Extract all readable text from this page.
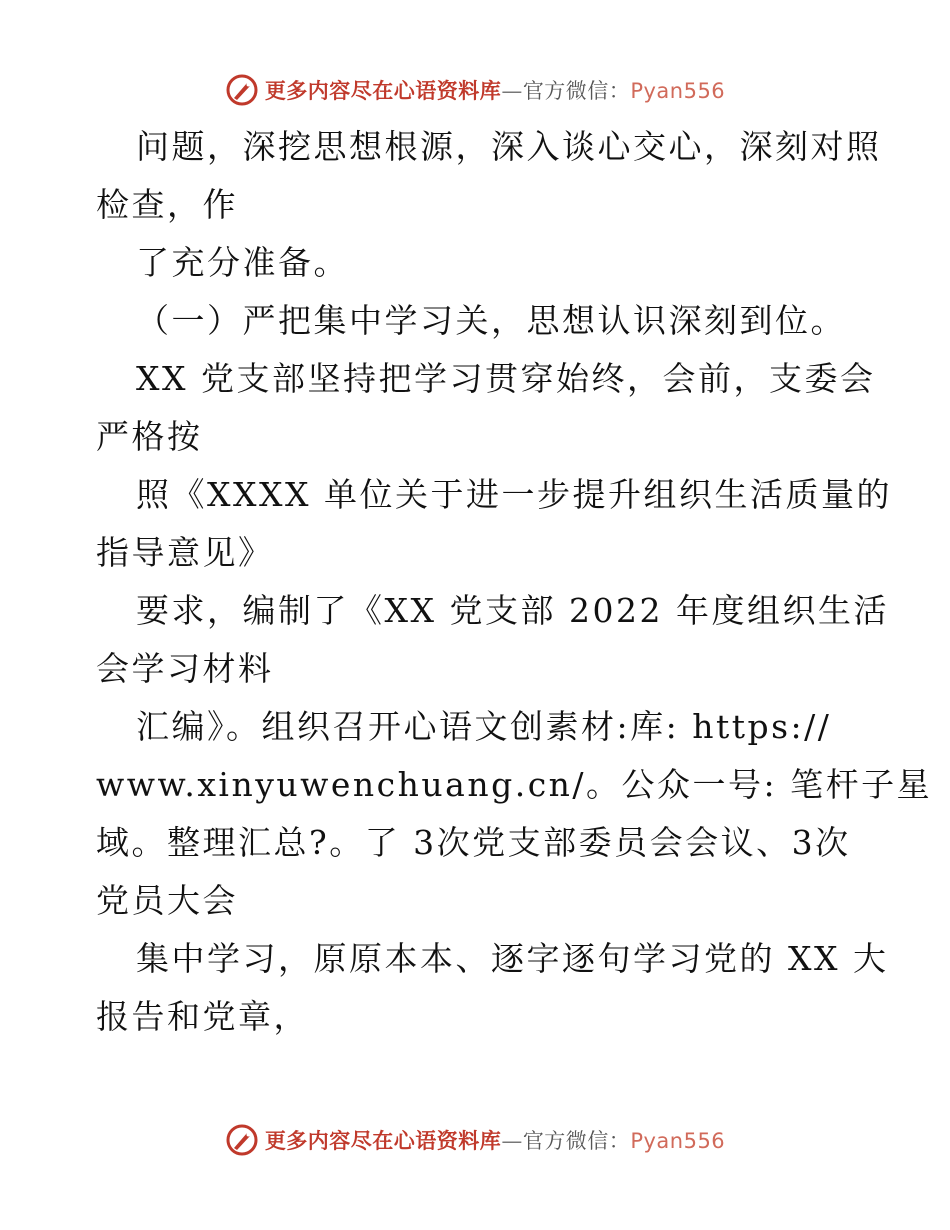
更多内容尽在心语资料库—官方微信：Pyan556
问题，深挖思想根源，深入谈心交心，深刻对照
检查，作
了充分准备。
（一）严把集中学习关，思想认识深刻到位。
XX 党支部坚持把学习贯穿始终，会前，支委会
严格按
照《XXXX 单位关于进一步提升组织生活质量的
指导意见》
要求，编制了《XX 党支部 2022 年度组织生活
会学习材料
汇编》。组织召开心语文创素材:库: https://
www.xinyuwenchuang.cn/。公众一号: 笔杆子星
域。整理汇总?。了 3次党支部委员会会议、3次
党员大会
集中学习，原原本本、逐字逐句学习党的 XX 大
报告和党章，
更多内容尽在心语资料库—官方微信：Pyan556
